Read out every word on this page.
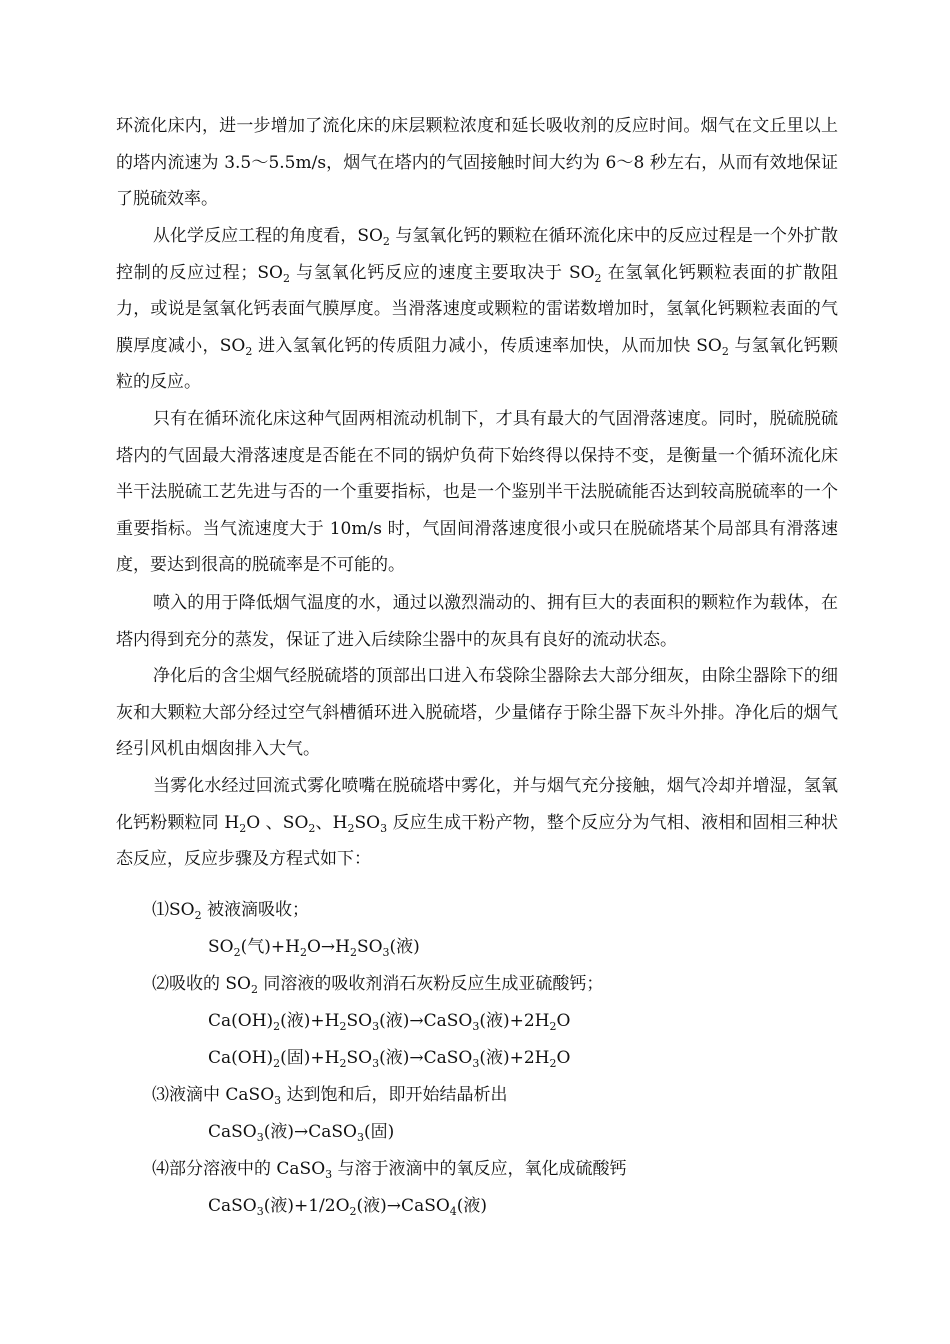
环流化床内，进一步增加了流化床的床层颗粒浓度和延长吸收剂的反应时间。烟气在文丘里以上的塔内流速为 3.5～5.5m/s，烟气在塔内的气固接触时间大约为 6～8 秒左右，从而有效地保证了脱硫效率。

从化学反应工程的角度看，$SO_2$ 与氢氧化钙的颗粒在循环流化床中的反应过程是一个外扩散控制的反应过程；$SO_2$ 与氢氧化钙反应的速度主要取决于 $SO_2$ 在氢氧化钙颗粒表面的扩散阻力，或说是氢氧化钙表面气膜厚度。当滑落速度或颗粒的雷诺数增加时，氢氧化钙颗粒表面的气膜厚度减小，$SO_2$ 进入氢氧化钙的传质阻力减小，传质速率加快，从而加快 $SO_2$ 与氢氧化钙颗粒的反应。

只有在循环流化床这种气固两相流动机制下，才具有最大的气固滑落速度。同时，脱硫脱硫塔内的气固最大滑落速度是否能在不同的锅炉负荷下始终得以保持不变，是衡量一个循环流化床半干法脱硫工艺先进与否的一个重要指标，也是一个鉴别半干法脱硫能否达到较高脱硫率的一个重要指标。当气流速度大于 10m/s 时，气固间滑落速度很小或只在脱硫塔某个局部具有滑落速度，要达到很高的脱硫率是不可能的。

喷入的用于降低烟气温度的水，通过以激烈湍动的、拥有巨大的表面积的颗粒作为载体，在塔内得到充分的蒸发，保证了进入后续除尘器中的灰具有良好的流动状态。

净化后的含尘烟气经脱硫塔的顶部出口进入布袋除尘器除去大部分细灰，由除尘器除下的细灰和大颗粒大部分经过空气斜槽循环进入脱硫塔，少量储存于除尘器下灰斗外排。净化后的烟气经引风机由烟囱排入大气。

当雾化水经过回流式雾化喷嘴在脱硫塔中雾化，并与烟气充分接触，烟气冷却并增湿，氢氧化钙粉颗粒同 $H_2O$ 、$SO_2$、$H_2SO_3$ 反应生成干粉产物，整个反应分为气相、液相和固相三种状态反应，反应步骤及方程式如下：

$⑴SO_2$ 被液滴吸收；
$SO_2$(气)$+H_2O\to H_2SO_3$(液)
⑵吸收的 $SO_2$ 同溶液的吸收剂消石灰粉反应生成亚硫酸钙；
$Ca(OH)_2$(液)$+H_2SO_3$(液)→CaSO$_3$(液)$+2H_2O$
$Ca(OH)_2$(固)$+H_2SO_3$(液)→CaSO$_3$(液)$+2H_2O$
⑶液滴中 CaSO$_3$ 达到饱和后，即开始结晶析出
CaSO$_3$(液)→CaSO$_3$(固)
⑷部分溶液中的 CaSO$_3$ 与溶于液滴中的氧反应，氧化成硫酸钙
CaSO$_3$(液)$+1/2O_2$(液)→CaSO$_4$(液)
